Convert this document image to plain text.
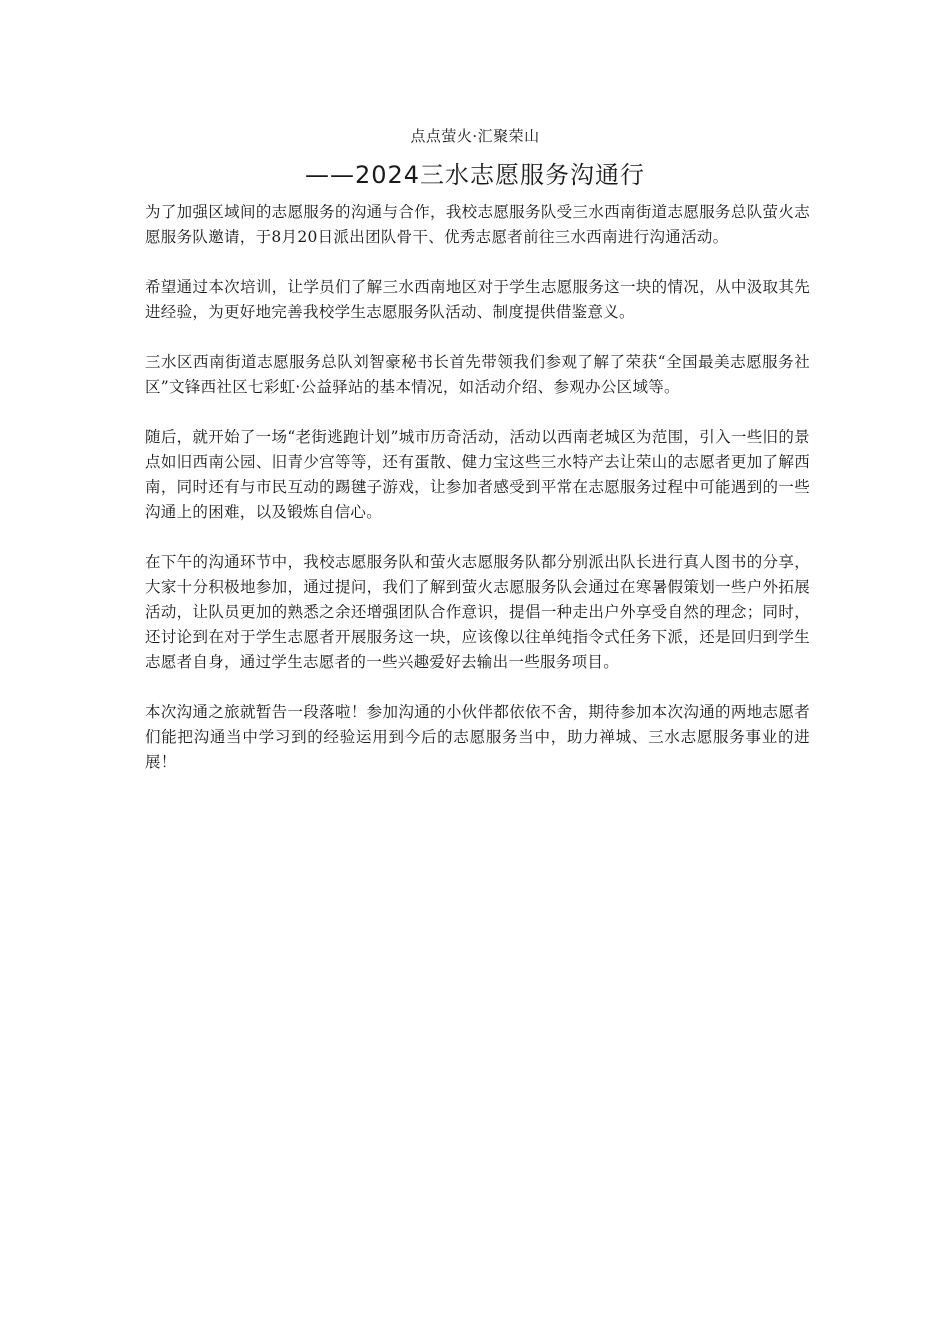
点点萤火·汇聚荣山
——2024三水志愿服务沟通行

为了加强区域间的志愿服务的沟通与合作，我校志愿服务队受三水西南街道志愿服务总队萤火志愿服务队邀请，于8月20日派出团队骨干、优秀志愿者前往三水西南进行沟通活动。

希望通过本次培训，让学员们了解三水西南地区对于学生志愿服务这一块的情况，从中汲取其先进经验，为更好地完善我校学生志愿服务队活动、制度提供借鉴意义。

三水区西南街道志愿服务总队刘智豪秘书长首先带领我们参观了解了荣获“全国最美志愿服务社区”文锋西社区七彩虹·公益驿站的基本情况，如活动介绍、参观办公区域等。

随后，就开始了一场“老街逃跑计划”城市历奇活动，活动以西南老城区为范围，引入一些旧的景点如旧西南公园、旧青少宫等等，还有蛋散、健力宝这些三水特产去让荣山的志愿者更加了解西南，同时还有与市民互动的踢毽子游戏，让参加者感受到平常在志愿服务过程中可能遇到的一些沟通上的困难，以及锻炼自信心。

在下午的沟通环节中，我校志愿服务队和萤火志愿服务队都分别派出队长进行真人图书的分享，大家十分积极地参加，通过提问，我们了解到萤火志愿服务队会通过在寒暑假策划一些户外拓展活动，让队员更加的熟悉之余还增强团队合作意识，提倡一种走出户外享受自然的理念；同时，还讨论到在对于学生志愿者开展服务这一块，应该像以往单纯指令式任务下派，还是回归到学生志愿者自身，通过学生志愿者的一些兴趣爱好去输出一些服务项目。

本次沟通之旅就暂告一段落啦！参加沟通的小伙伴都依依不舍，期待参加本次沟通的两地志愿者们能把沟通当中学习到的经验运用到今后的志愿服务当中，助力禅城、三水志愿服务事业的进展！
